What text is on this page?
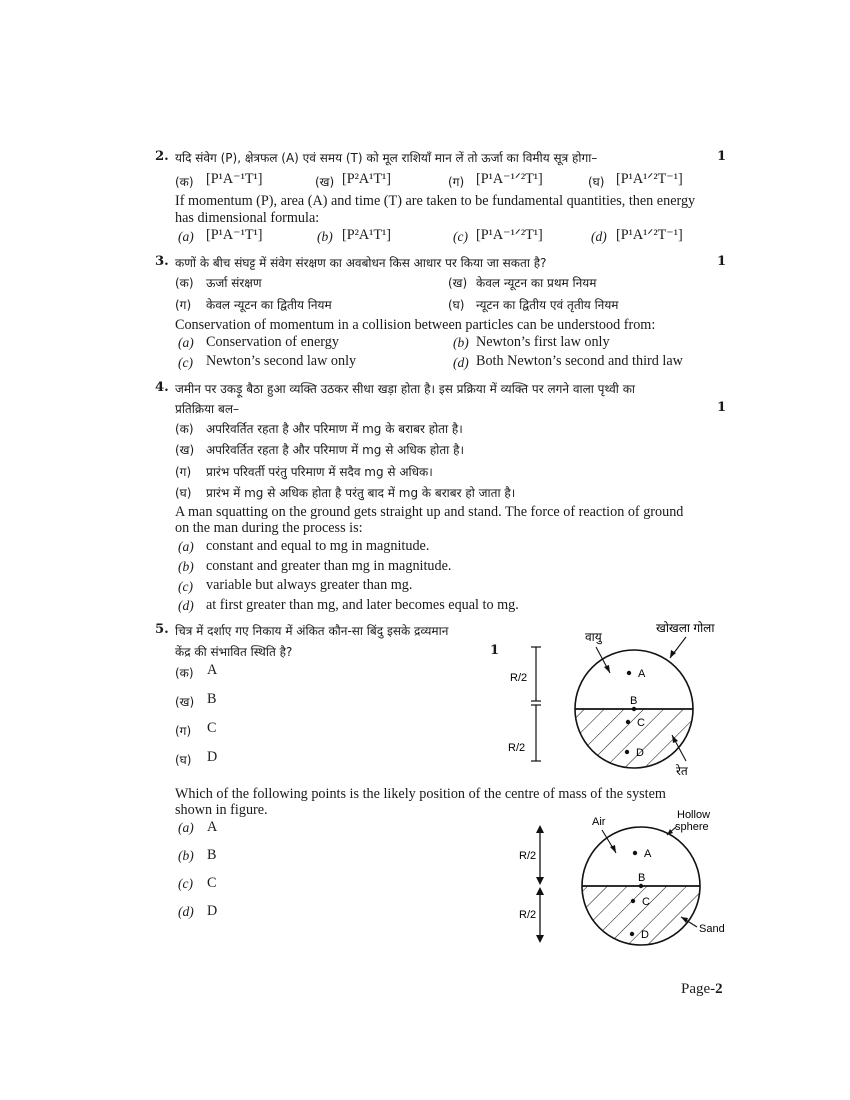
2. यदि संवेग (P), क्षेत्रफल (A) एवं समय (T) को मूल राशियाँ मान लें तो ऊर्जा का विमीय सूत्र होगा–	1
(क) [P¹A⁻¹T¹]	(ख) [P²A¹T¹]	(ग) [P¹A⁻¹ᐟ²T¹]	(घ) [P¹A¹ᐟ²T⁻¹]
If momentum (P), area (A) and time (T) are taken to be fundamental quantities, then energy
has dimensional formula:
(a) [P¹A⁻¹T¹]	(b) [P²A¹T¹]	(c) [P¹A⁻¹ᐟ²T¹]	(d) [P¹A¹ᐟ²T⁻¹]
3. कणों के बीच संघट्ट में संवेग संरक्षण का अवबोधन किस आधार पर किया जा सकता है?	1
(क) ऊर्जा संरक्षण	(ख) केवल न्यूटन का प्रथम नियम
(ग) केवल न्यूटन का द्वितीय नियम	(घ) न्यूटन का द्वितीय एवं तृतीय नियम
Conservation of momentum in a collision between particles can be understood from:
(a) Conservation of energy	(b) Newton’s first law only
(c) Newton’s second law only	(d) Both Newton’s second and third law
4. जमीन पर उकड़ू बैठा हुआ व्यक्ति उठकर सीधा खड़ा होता है। इस प्रक्रिया में व्यक्ति पर लगने वाला पृथ्वी का
प्रतिक्रिया बल–	1
(क) अपरिवर्तित रहता है और परिमाण में mg के बराबर होता है।
(ख) अपरिवर्तित रहता है और परिमाण में mg से अधिक होता है।
(ग) प्रारंभ परिवर्ती परंतु परिमाण में सदैव mg से अधिक।
(घ) प्रारंभ में mg से अधिक होता है परंतु बाद में mg के बराबर हो जाता है।
A man squatting on the ground gets straight up and stand. The force of reaction of ground
on the man during the process is:
(a) constant and equal to mg in magnitude.
(b) constant and greater than mg in magnitude.
(c) variable but always greater than mg.
(d) at first greater than mg, and later becomes equal to mg.
5. चित्र में दर्शाए गए निकाय में अंकित कौन-सा बिंदु इसके द्रव्यमान
केंद्र की संभावित स्थिति है?	1
(क) A
(ख) B
(ग) C
(घ) D
R/2
R/2
A
B
C
D
वायु
खोखला गोला
रेत
Which of the following points is the likely position of the centre of mass of the system
shown in figure.
(a) A
(b) B
(c) C
(d) D
R/2
R/2
A
B
C
D
Air
Hollow
sphere
Sand
Page-2
